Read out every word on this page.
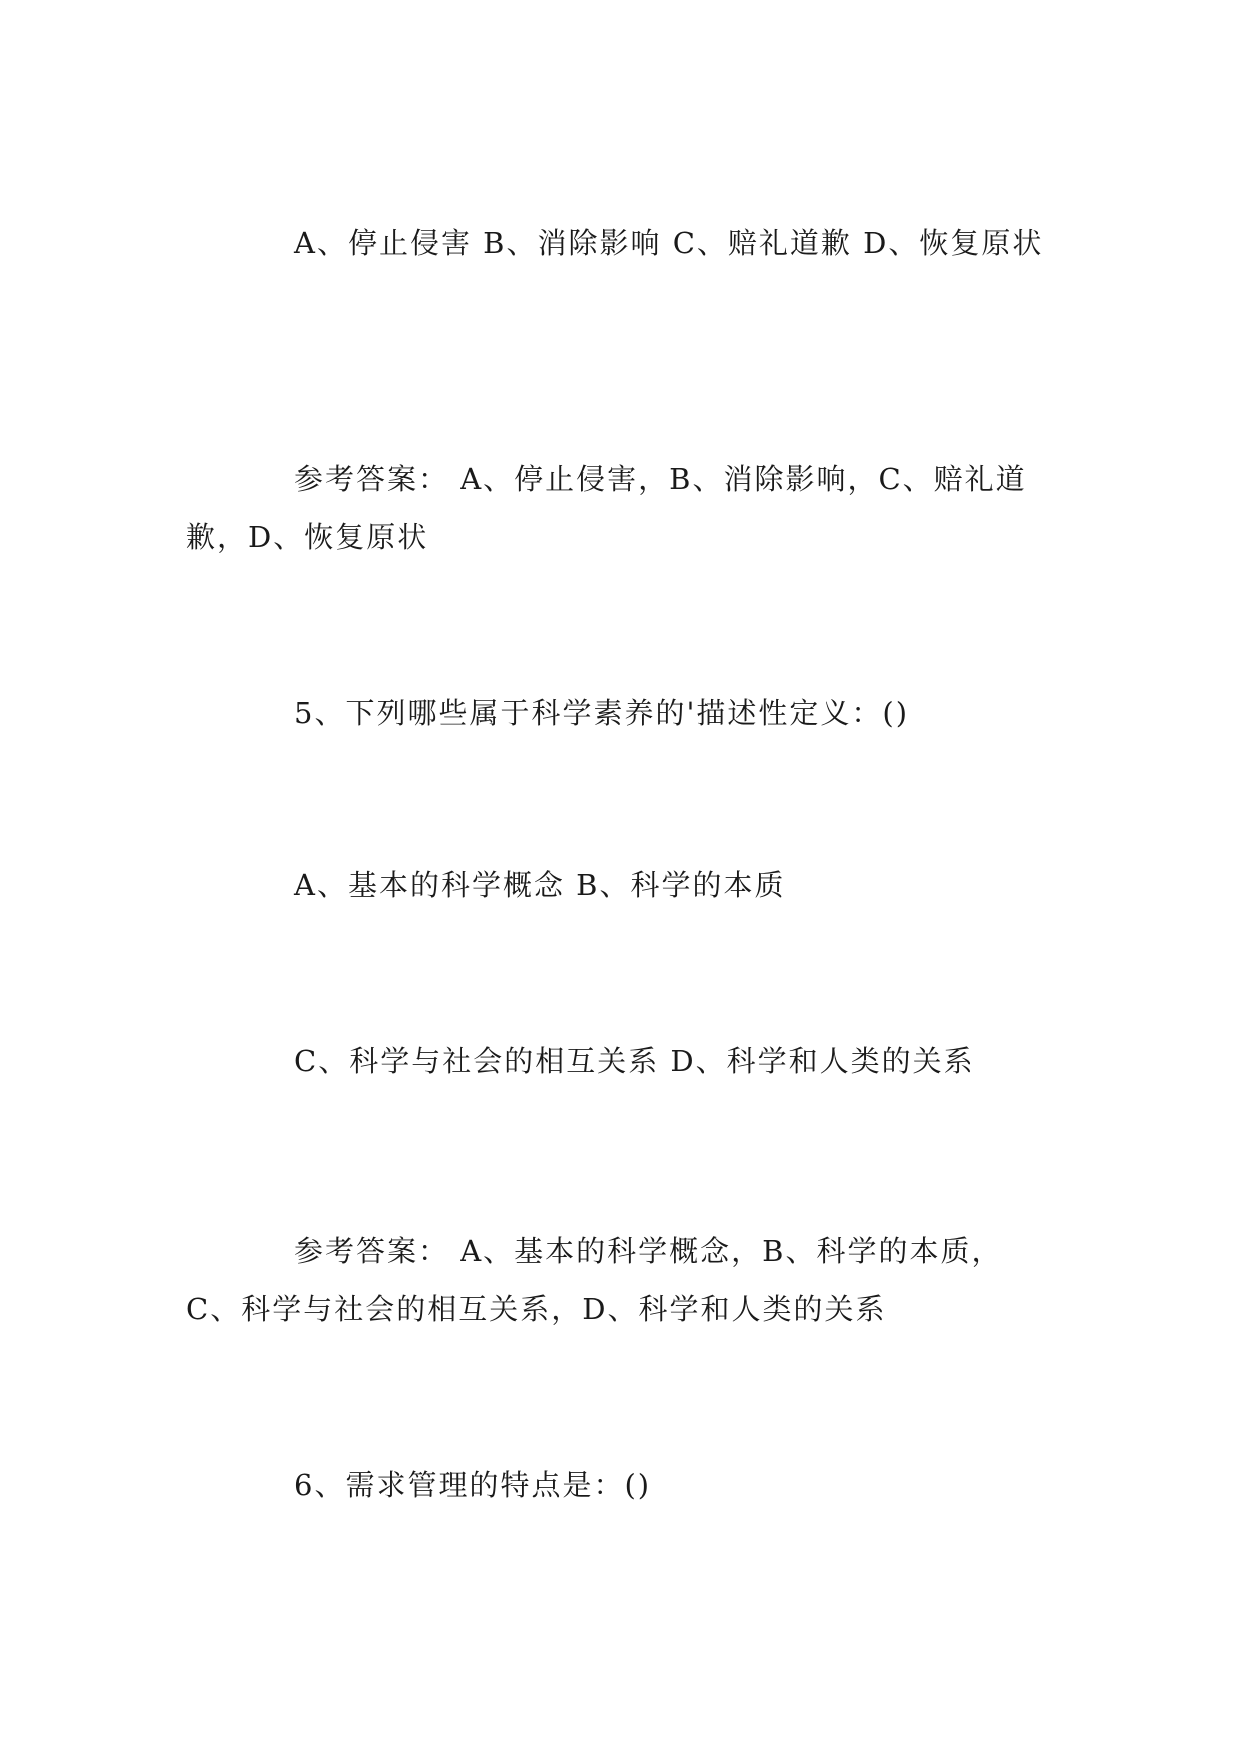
A、停止侵害 B、消除影响 C、赔礼道歉 D、恢复原状

参考答案： A、停止侵害，B、消除影响，C、赔礼道歉，D、恢复原状

5、下列哪些属于科学素养的'描述性定义：()

A、基本的科学概念 B、科学的本质

C、科学与社会的相互关系 D、科学和人类的关系

参考答案： A、基本的科学概念，B、科学的本质，C、科学与社会的相互关系，D、科学和人类的关系

6、需求管理的特点是：()
